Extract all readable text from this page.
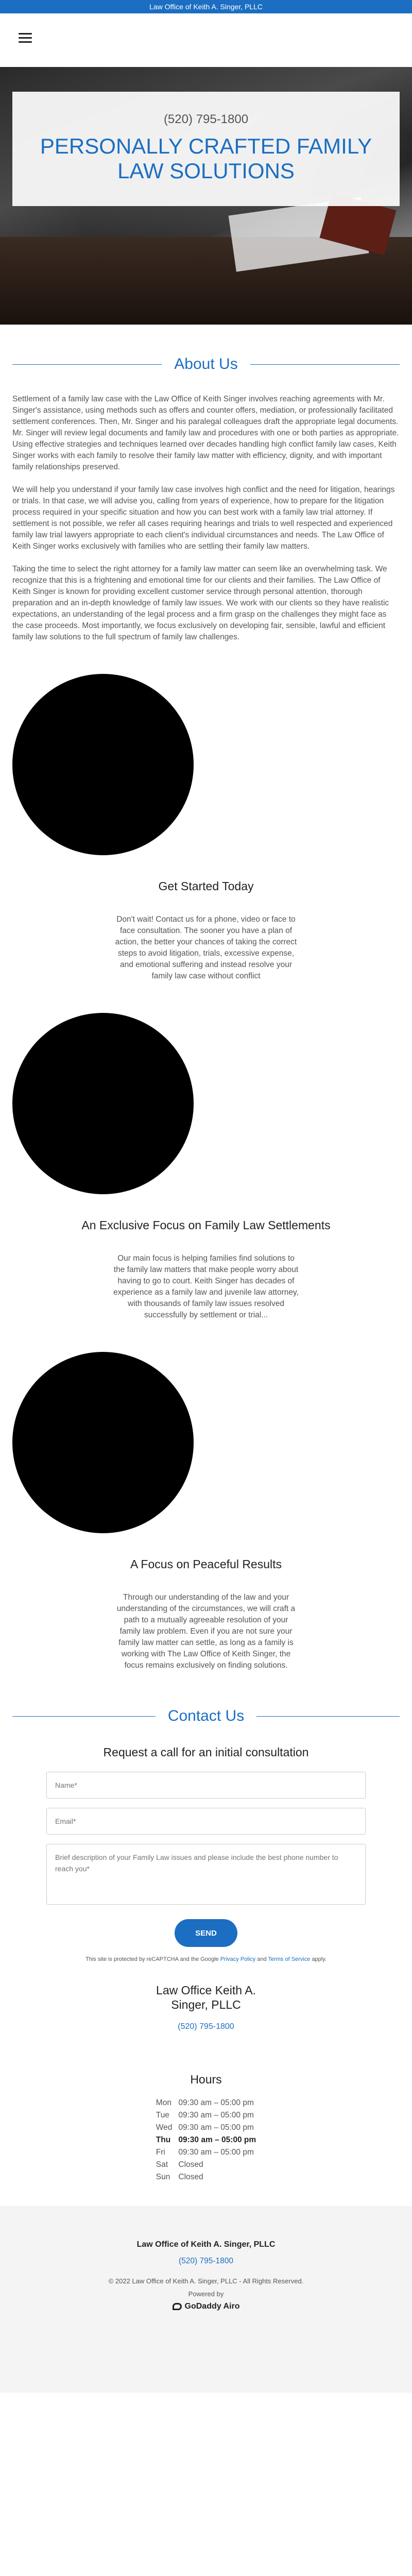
Law Office of Keith A. Singer, PLLC
(520) 795-1800
PERSONALLY CRAFTED FAMILY LAW SOLUTIONS
About Us

Settlement of a family law case with the Law Office of Keith Singer involves reaching agreements with Mr. Singer's assistance, using methods such as offers and counter offers, mediation, or professionally facilitated settlement conferences. Then, Mr. Singer and his paralegal colleagues draft the appropriate legal documents. Mr. Singer will review legal documents and family law and procedures with one or both parties as appropriate. Using effective strategies and techniques learned over decades handling high conflict family law cases, Keith Singer works with each family to resolve their family law matter with efficiency, dignity, and with important family relationships preserved.

We will help you understand if your family law case involves high conflict and the need for litigation, hearings or trials. In that case, we will advise you, calling from years of experience, how to prepare for the litigation process required in your specific situation and how you can best work with a family law trial attorney. If settlement is not possible, we refer all cases requiring hearings and trials to well respected and experienced family law trial lawyers appropriate to each client's individual circumstances and needs. The Law Office of Keith Singer works exclusively with families who are settling their family law matters.

Taking the time to select the right attorney for a family law matter can seem like an overwhelming task. We recognize that this is a frightening and emotional time for our clients and their families. The Law Office of Keith Singer is known for providing excellent customer service through personal attention, thorough preparation and an in-depth knowledge of family law issues. We work with our clients so they have realistic expectations, an understanding of the legal process and a firm grasp on the challenges they might face as the case proceeds. Most importantly, we focus exclusively on developing fair, sensible, lawful and efficient family law solutions to the full spectrum of family law challenges.

Get Started Today

Don't wait! Contact us for a phone, video or face to face consultation. The sooner you have a plan of action, the better your chances of taking the correct steps to avoid litigation, trials, excessive expense, and emotional suffering and instead resolve your family law case without conflict

An Exclusive Focus on Family Law Settlements

Our main focus is helping families find solutions to the family law matters that make people worry about having to go to court. Keith Singer has decades of experience as a family law and juvenile law attorney, with thousands of family law issues resolved successfully by settlement or trial...

A Focus on Peaceful Results

Through our understanding of the law and your understanding of the circumstances, we will craft a path to a mutually agreeable resolution of your family law problem. Even if you are not sure your family law matter can settle, as long as a family is working with The Law Office of Keith Singer, the focus remains exclusively on finding solutions.

Contact Us
Request a call for an initial consultation
Name*
Email*
Brief description of your Family Law issues and please include the best phone number to reach you* SEND
This site is protected by reCAPTCHA and the Google Privacy Policy and Terms of Service apply.
Law Office Keith A. Singer, PLLC
(520) 795-1800
Hours
Mon	09:30 am – 05:00 pm
Tue	09:30 am – 05:00 pm
Wed	09:30 am – 05:00 pm
Thu	09:30 am – 05:00 pm
Fri	09:30 am – 05:00 pm
Sat	Closed
Sun	Closed
Law Office of Keith A. Singer, PLLC
(520) 795-1800
© 2022 Law Office of Keith A. Singer, PLLC - All Rights Reserved.
Powered by
GoDaddy Airo
